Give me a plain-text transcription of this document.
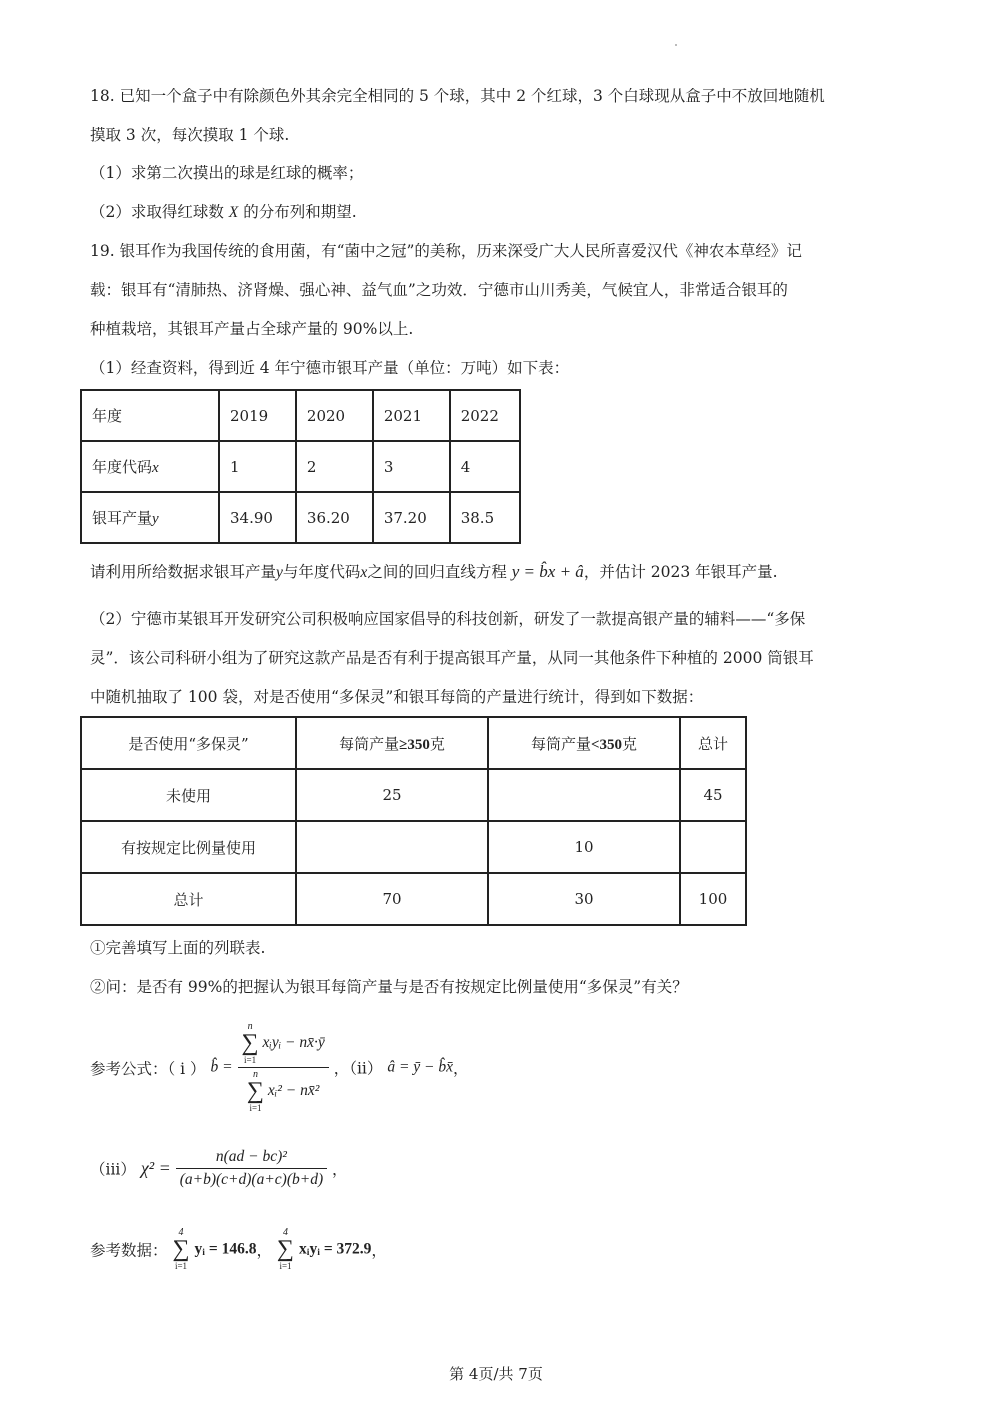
18. 已知一个盒子中有除颜色外其余完全相同的 5 个球，其中 2 个红球，3 个白球现从盒子中不放回地随机
摸取 3 次，每次摸取 1 个球.
（1）求第二次摸出的球是红球的概率；
（2）求取得红球数 X 的分布列和期望.
19. 银耳作为我国传统的食用菌，有“菌中之冠”的美称，历来深受广大人民所喜爱汉代《神农本草经》记
载：银耳有“清肺热、济肾燥、强心神、益气血”之功效．宁德市山川秀美，气候宜人，非常适合银耳的
种植栽培，其银耳产量占全球产量的 90%以上.
（1）经查资料，得到近 4 年宁德市银耳产量（单位：万吨）如下表：
年度	2019	2020	2021	2022
年度代码x	1	2	3	4
银耳产量y	34.90	36.20	37.20	38.5
请利用所给数据求银耳产量y与年度代码x之间的回归直线方程 y = b̂x + â，并估计 2023 年银耳产量.
（2）宁德市某银耳开发研究公司积极响应国家倡导的科技创新，研发了一款提高银产量的辅料——“多保
灵”．该公司科研小组为了研究这款产品是否有利于提高银耳产量，从同一其他条件下种植的 2000 筒银耳
中随机抽取了 100 袋，对是否使用“多保灵”和银耳每筒的产量进行统计，得到如下数据：
是否使用“多保灵”	每筒产量≥350克	每筒产量<350克	总计
未使用	25		45
有按规定比例量使用		10	
总计	70	30	100
①完善填写上面的列联表.
②问：是否有 99%的把握认为银耳每筒产量与是否有按规定比例量使用“多保灵”有关？
参考公式：（ i ） b̂ = n
∑
i=1
xᵢyᵢ − nx̄·ȳ
n
∑
i=1
xᵢ² − nx̄² ，（ii） â = ȳ − b̂x̄，
（iii） $\chi^2 = \frac{\text{n(ad − bc)²}}{(a+b)(c+d)(a+c)(b+d)}$ ，
参考数据：
4
∑
i=1
yᵢ = 146.8，
4
∑
i=1
xᵢyᵢ = 372.9，
第 4页/共 7页
